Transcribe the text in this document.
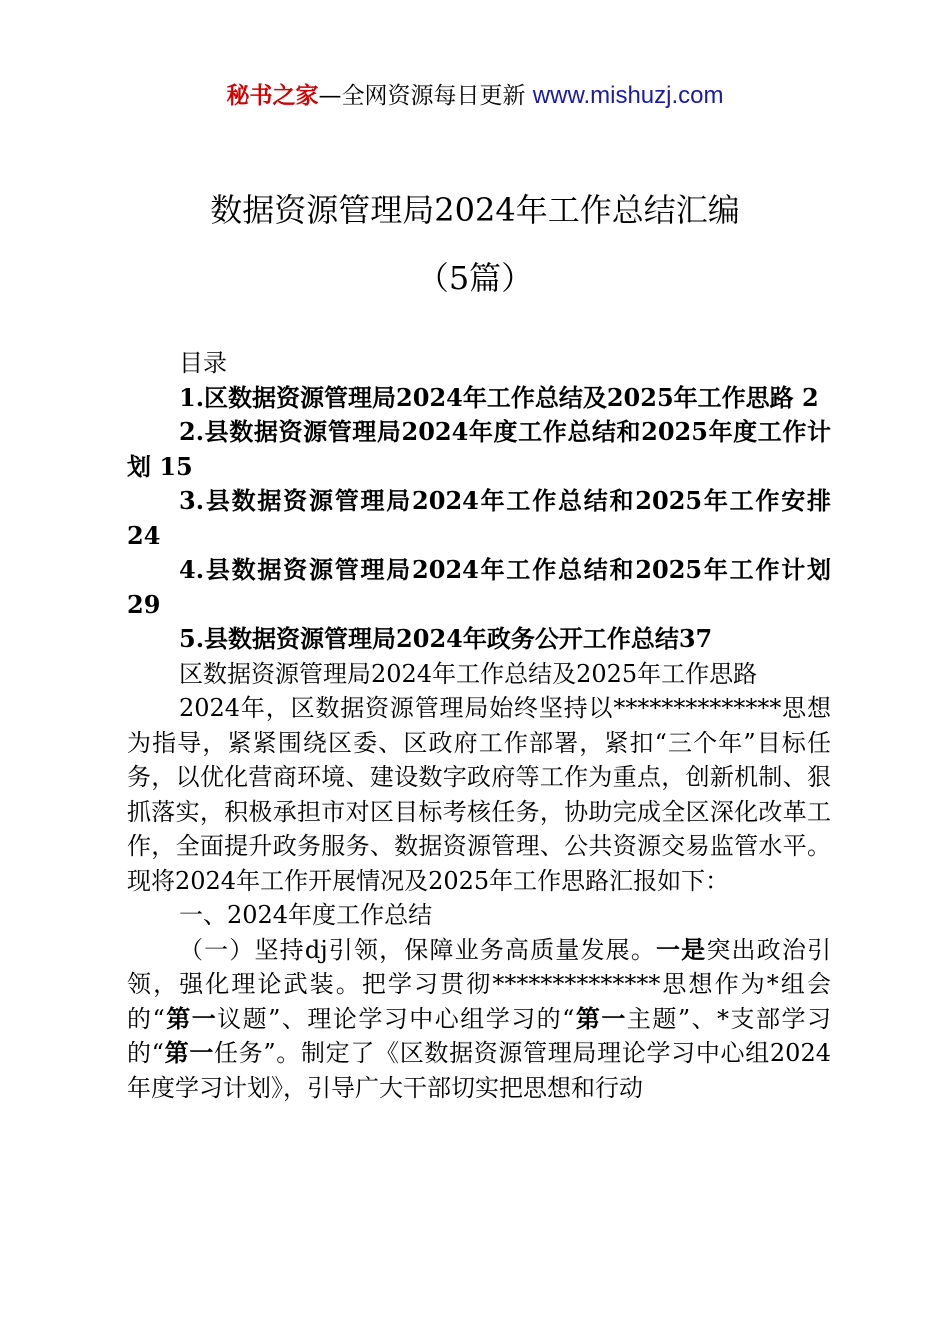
秘书之家—全网资源每日更新 www.mishuzj.com
数据资源管理局2024年工作总结汇编
（5篇）

目录

1.区数据资源管理局2024年工作总结及2025年工作思路 2

2.县数据资源管理局2024年度工作总结和2025年度工作计划 15

3.县数据资源管理局2024年工作总结和2025年工作安排 24

4.县数据资源管理局2024年工作总结和2025年工作计划 29

5.县数据资源管理局2024年政务公开工作总结37

区数据资源管理局2024年工作总结及2025年工作思路

2024年，区数据资源管理局始终坚持以**************思想为指导，紧紧围绕区委、区政府工作部署，紧扣“三个年”目标任务，以优化营商环境、建设数字政府等工作为重点，创新机制、狠抓落实，积极承担市对区目标考核任务，协助完成全区深化改革工作，全面提升政务服务、数据资源管理、公共资源交易监管水平。现将2024年工作开展情况及2025年工作思路汇报如下：

一、2024年度工作总结

（一）坚持dj引领，保障业务高质量发展。一是突出政治引领，强化理论武装。把学习贯彻**************思想作为*组会的“第一议题”、理论学习中心组学习的“第一主题”、*支部学习的“第一任务”。制定了《区数据资源管理局理论学习中心组2024年度学习计划》，引导广大干部切实把思想和行动
